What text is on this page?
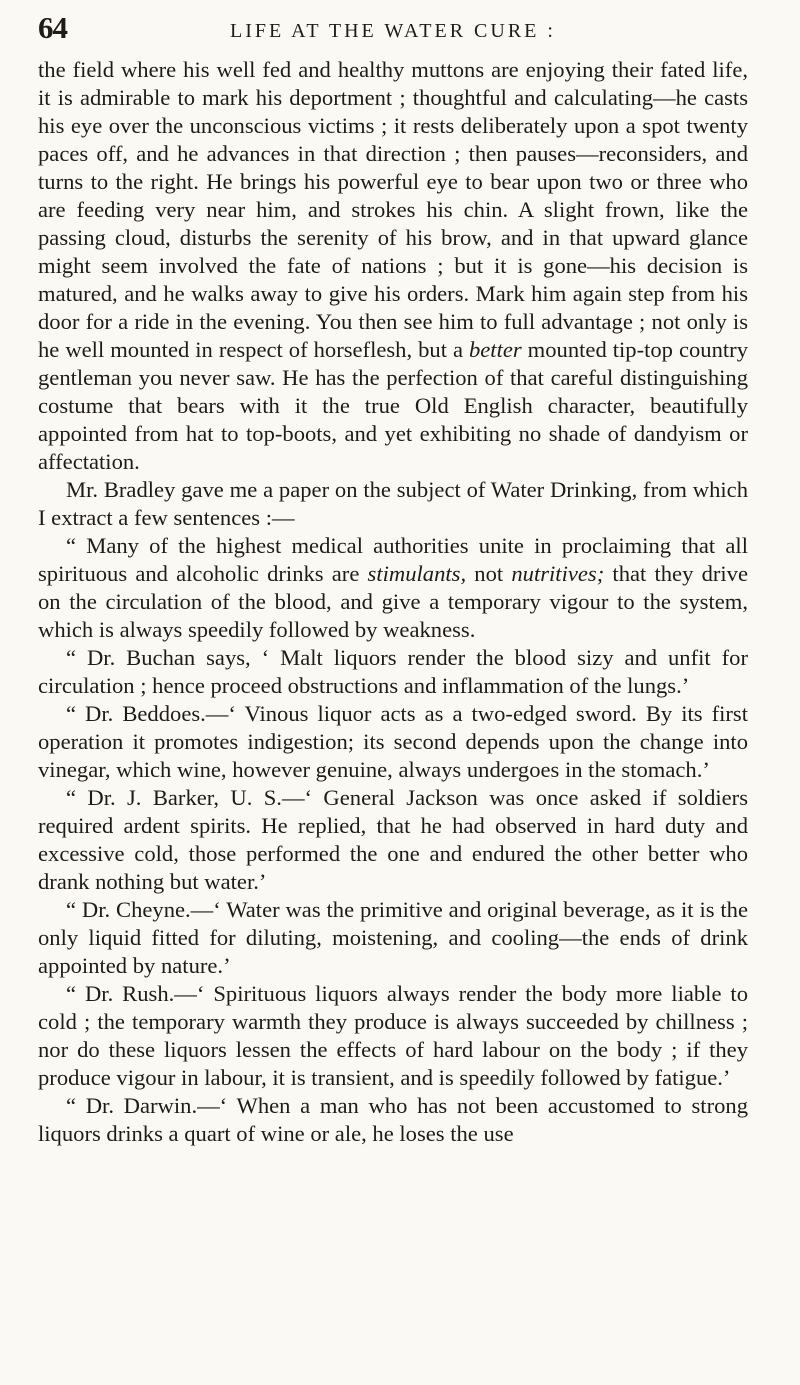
64	LIFE AT THE WATER CURE :

the field where his well fed and healthy muttons are enjoying their fated life, it is admirable to mark his deportment ; thoughtful and calculating—he casts his eye over the unconscious victims ; it rests deliberately upon a spot twenty paces off, and he advances in that direction ; then pauses—reconsiders, and turns to the right. He brings his powerful eye to bear upon two or three who are feeding very near him, and strokes his chin. A slight frown, like the passing cloud, disturbs the serenity of his brow, and in that upward glance might seem involved the fate of nations ; but it is gone—his decision is matured, and he walks away to give his orders. Mark him again step from his door for a ride in the evening. You then see him to full advantage ; not only is he well mounted in respect of horseflesh, but a better mounted tip-top country gentleman you never saw. He has the perfection of that careful distinguishing costume that bears with it the true Old English character, beautifully appointed from hat to top-boots, and yet exhibiting no shade of dandyism or affectation.

Mr. Bradley gave me a paper on the subject of Water Drinking, from which I extract a few sentences :—

“ Many of the highest medical authorities unite in proclaiming that all spirituous and alcoholic drinks are stimulants, not nutritives; that they drive on the circulation of the blood, and give a temporary vigour to the system, which is always speedily followed by weakness.

“ Dr. Buchan says, ‘ Malt liquors render the blood sizy and unfit for circulation ; hence proceed obstructions and inflammation of the lungs.’

“ Dr. Beddoes.—‘ Vinous liquor acts as a two-edged sword. By its first operation it promotes indigestion; its second depends upon the change into vinegar, which wine, however genuine, always undergoes in the stomach.’

“ Dr. J. Barker, U. S.—‘ General Jackson was once asked if soldiers required ardent spirits. He replied, that he had observed in hard duty and excessive cold, those performed the one and endured the other better who drank nothing but water.’

“ Dr. Cheyne.—‘ Water was the primitive and original beverage, as it is the only liquid fitted for diluting, moistening, and cooling—the ends of drink appointed by nature.’

“ Dr. Rush.—‘ Spirituous liquors always render the body more liable to cold ; the temporary warmth they produce is always succeeded by chillness ; nor do these liquors lessen the effects of hard labour on the body ; if they produce vigour in labour, it is transient, and is speedily followed by fatigue.’

“ Dr. Darwin.—‘ When a man who has not been accustomed to strong liquors drinks a quart of wine or ale, he loses the use
